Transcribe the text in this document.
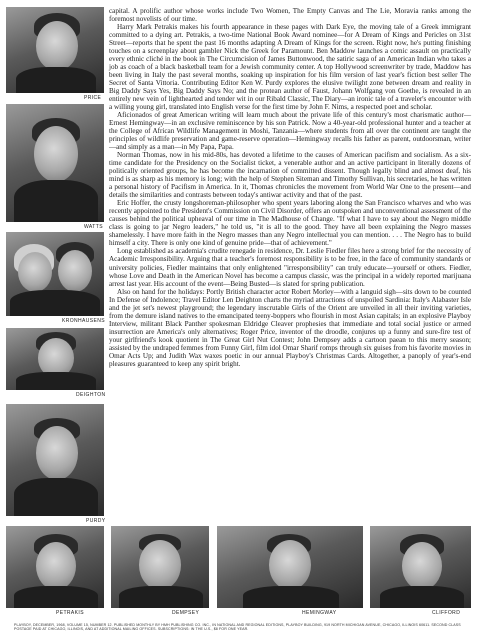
PRICE
WATTS
KRONHAUSENS
DEIGHTON
PURDY
PETRAKIS	DEMPSEY	HEMINGWAY	CLIFFORD

capital. A prolific author whose works include Two Women, The Empty Canvas and The Lie, Moravia ranks among the foremost novelists of our time.

Harry Mark Petrakis makes his fourth appearance in these pages with Dark Eye, the moving tale of a Greek immigrant committed to a dying art. Petrakis, a two-time National Book Award nominee—for A Dream of Kings and Pericles on 31st Street—reports that he spent the past 16 months adapting A Dream of Kings for the screen. Right now, he's putting finishing touches on a screenplay about gambler Nick the Greek for Paramount. Ben Maddow launches a comic assault on practically every ethnic cliché in the book in The Circumcision of James Buttonwood, the satiric saga of an American Indian who takes a job as coach of a black basketball team for a Jewish community center. A top Hollywood screenwriter by trade, Maddow has been living in Italy the past several months, soaking up inspiration for his film version of last year's fiction best seller The Secret of Santa Vittoria. Contributing Editor Ken W. Purdy explores the elusive twilight zone between dream and reality in Big Daddy Says Yes, Big Daddy Says No; and the protean author of Faust, Johann Wolfgang von Goethe, is revealed in an entirely new vein of lighthearted and tender wit in our Ribald Classic, The Diary—an ironic tale of a traveler's encounter with a willing young girl, translated into English verse for the first time by John F. Nims, a respected poet and scholar.

Aficionados of great American writing will learn much about the private life of this century's most charismatic author—Ernest Hemingway—in an exclusive reminiscence by his son Patrick. Now a 40-year-old professional hunter and a teacher at the College of African Wildlife Management in Moshi, Tanzania—where students from all over the continent are taught the principles of wildlife preservation and game-reserve operation—Hemingway recalls his father as parent, outdoorsman, writer—and simply as a man—in My Papa, Papa.

Norman Thomas, now in his mid-80s, has devoted a lifetime to the causes of American pacifism and socialism. As a six-time candidate for the Presidency on the Socialist ticket, a venerable author and an active participant in literally dozens of politically oriented groups, he has become the incarnation of committed dissent. Though legally blind and almost deaf, his mind is as sharp as his memory is long; with the help of Stephen Siteman and Timothy Sullivan, his secretaries, he has written a personal history of Pacifism in America. In it, Thomas chronicles the movement from World War One to the present—and details the similarities and contrasts between today's antiwar activity and that of the past.

Eric Hoffer, the crusty longshoreman-philosopher who spent years laboring along the San Francisco wharves and who was recently appointed to the President's Commission on Civil Disorder, offers an outspoken and unconventional assessment of the causes behind the political upheaval of our time in The Madhouse of Change. "If what I have to say about the Negro middle class is going to jar Negro leaders," he told us, "it is all to the good. They have all been explaining the Negro masses shamelessly. I have more faith in the Negro masses than any Negro intellectual you can mention. . . . The Negro has to build himself a city. There is only one kind of genuine pride—that of achievement."

Long established as academia's crudite renegade in residence, Dr. Leslie Fiedler files here a strong brief for the necessity of Academic Irresponsibility. Arguing that a teacher's foremost responsibility is to be free, in the face of community standards or university policies, Fiedler maintains that only enlightened "irresponsibility" can truly educate—yourself or others. Fiedler, whose Love and Death in the American Novel has become a campus classic, was the principal in a widely reported marijuana arrest last year. His account of the event—Being Busted—is slated for spring publication.

Also on hand for the holidays: Portly British character actor Robert Morley—with a languid sigh—sits down to be counted In Defense of Indolence; Travel Editor Len Deighton charts the myriad attractions of unspoiled Sardinia: Italy's Alabaster Isle and the jet set's newest playground; the legendary inscrutable Girls of the Orient are unveiled in all their inviting varieties, from the demure island natives to the emancipated teeny-boppers who flourish in most Asian capitals; in an explosive Playboy Interview, militant Black Panther spokesman Eldridge Cleaver prophesies that immediate and total social justice or armed insurrection are America's only alternatives; Roger Price, inventor of the droodle, conjures up a funny and sure-fire test of your girlfriend's kook quotient in The Great Girl Nut Contest; John Dempsey adds a cartoon paean to this merry season; assisted by the undraped femmes from Funny Girl, film idol Omar Sharif romps through six guises from his favorite movies in Omar Acts Up; and Judith Wax waxes poetic in our annual Playboy's Christmas Cards. Altogether, a panoply of year's-end pleasures guaranteed to keep any spirit bright.

PLAYBOY, DECEMBER, 1968, VOLUME 15, NUMBER 12. PUBLISHED MONTHLY BY HMH PUBLISHING CO. INC., IN NATIONAL AND REGIONAL EDITIONS, PLAYBOY BUILDING, 919 NORTH MICHIGAN AVENUE, CHICAGO, ILLINOIS 60611. SECOND CLASS POSTAGE PAID AT CHICAGO, ILLINOIS, AND AT ADDITIONAL MAILING OFFICES. SUBSCRIPTIONS: IN THE U.S., $8 FOR ONE YEAR.
